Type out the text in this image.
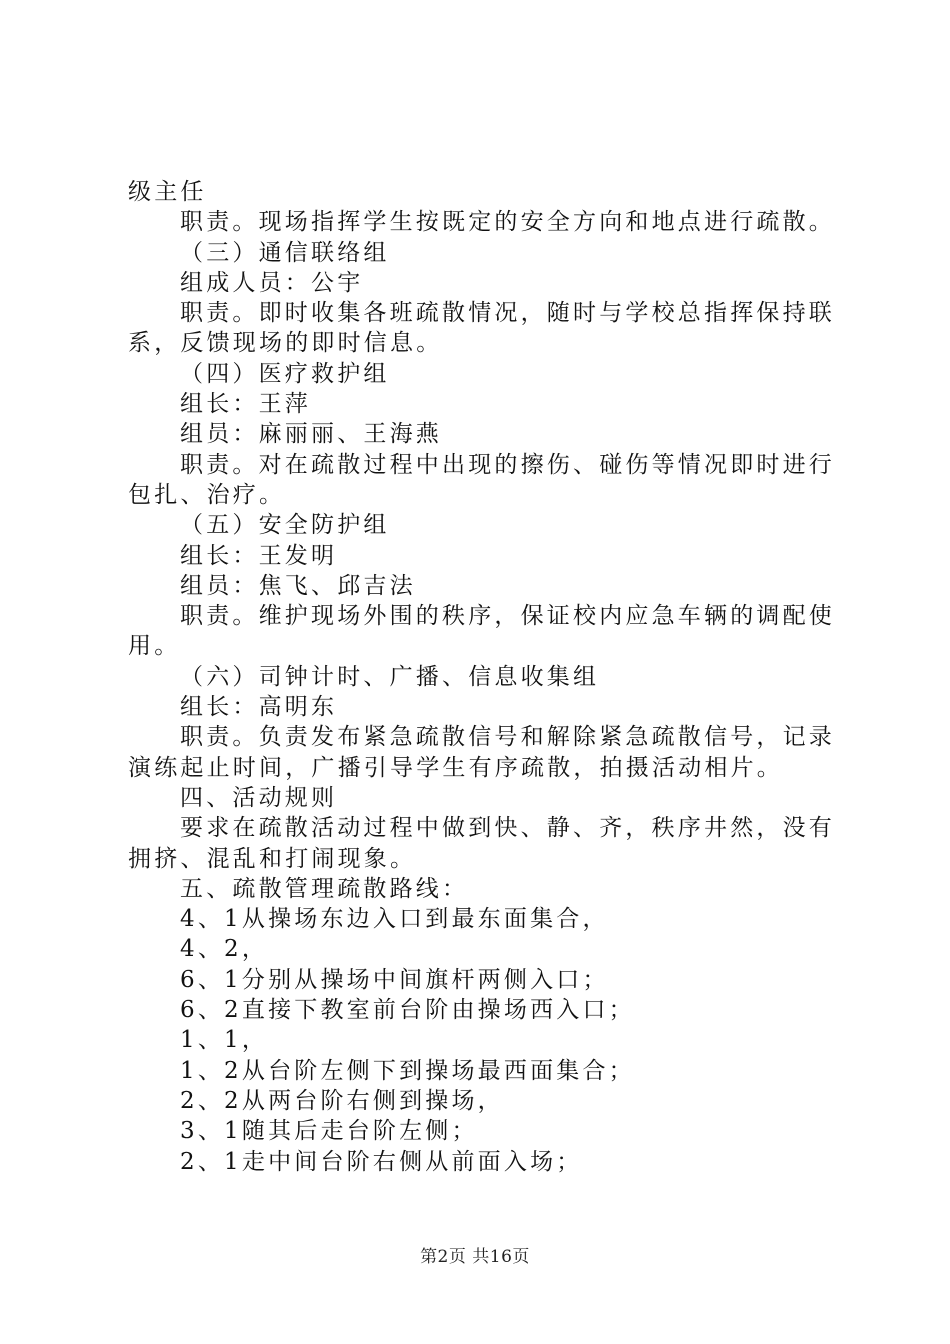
级主任
职责。现场指挥学生按既定的安全方向和地点进行疏散。
（三）通信联络组
组成人员：公宇
职责。即时收集各班疏散情况，随时与学校总指挥保持联
系，反馈现场的即时信息。
（四）医疗救护组
组长：王萍
组员：麻丽丽、王海燕
职责。对在疏散过程中出现的擦伤、碰伤等情况即时进行
包扎、治疗。
（五）安全防护组
组长：王发明
组员：焦飞、邱吉法
职责。维护现场外围的秩序，保证校内应急车辆的调配使
用。
（六）司钟计时、广播、信息收集组
组长：高明东
职责。负责发布紧急疏散信号和解除紧急疏散信号，记录
演练起止时间，广播引导学生有序疏散，拍摄活动相片。
四、活动规则
要求在疏散活动过程中做到快、静、齐，秩序井然，没有
拥挤、混乱和打闹现象。
五、疏散管理疏散路线：
4、1从操场东边入口到最东面集合，
4、2，
6、1分别从操场中间旗杆两侧入口；
6、2直接下教室前台阶由操场西入口；
1、1，
1、2从台阶左侧下到操场最西面集合；
2、2从两台阶右侧到操场，
3、1随其后走台阶左侧；
2、1走中间台阶右侧从前面入场；
第2页 共16页
